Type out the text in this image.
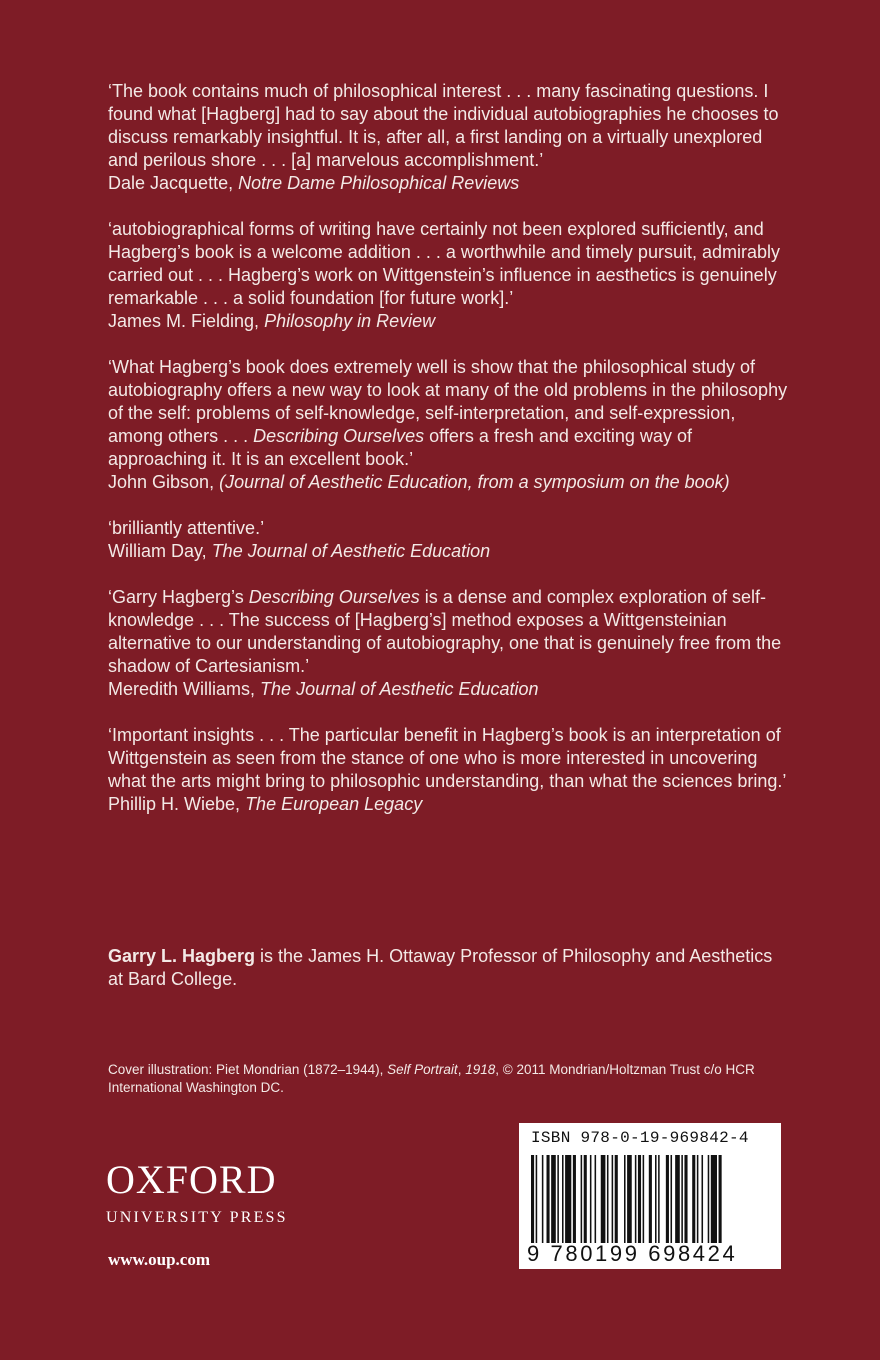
‘The book contains much of philosophical interest . . . many fascinating questions. I found what [Hagberg] had to say about the individual autobiographies he chooses to discuss remarkably insightful. It is, after all, a first landing on a virtually unexplored and perilous shore . . . [a] marvelous accomplishment.’

Dale Jacquette, Notre Dame Philosophical Reviews

‘autobiographical forms of writing have certainly not been explored sufficiently, and Hagberg’s book is a welcome addition . . . a worthwhile and timely pursuit, admirably carried out . . . Hagberg’s work on Wittgenstein’s influence in aesthetics is genuinely remarkable . . . a solid foundation [for future work].’

James M. Fielding, Philosophy in Review

‘What Hagberg’s book does extremely well is show that the philosophical study of autobiography offers a new way to look at many of the old problems in the philosophy of the self: problems of self-knowledge, self-interpretation, and self-expression, among others . . . Describing Ourselves offers a fresh and exciting way of approaching it. It is an excellent book.’

John Gibson, (Journal of Aesthetic Education, from a symposium on the book)

‘brilliantly attentive.’

William Day, The Journal of Aesthetic Education

‘Garry Hagberg’s Describing Ourselves is a dense and complex exploration of self-knowledge . . . The success of [Hagberg’s] method exposes a Wittgensteinian alternative to our understanding of autobiography, one that is genuinely free from the shadow of Cartesianism.’

Meredith Williams, The Journal of Aesthetic Education

‘Important insights . . . The particular benefit in Hagberg’s book is an interpretation of Wittgenstein as seen from the stance of one who is more interested in uncovering what the arts might bring to philosophic understanding, than what the sciences bring.’

Phillip H. Wiebe, The European Legacy

Garry L. Hagberg is the James H. Ottaway Professor of Philosophy and Aesthetics at Bard College.

Cover illustration: Piet Mondrian (1872–1944), Self Portrait, 1918, © 2011 Mondrian/Holtzman Trust c/o HCR International Washington DC.

OXFORD
UNIVERSITY PRESS
www.oup.com
ISBN 978-0-19-969842-4
9 780199 698424
